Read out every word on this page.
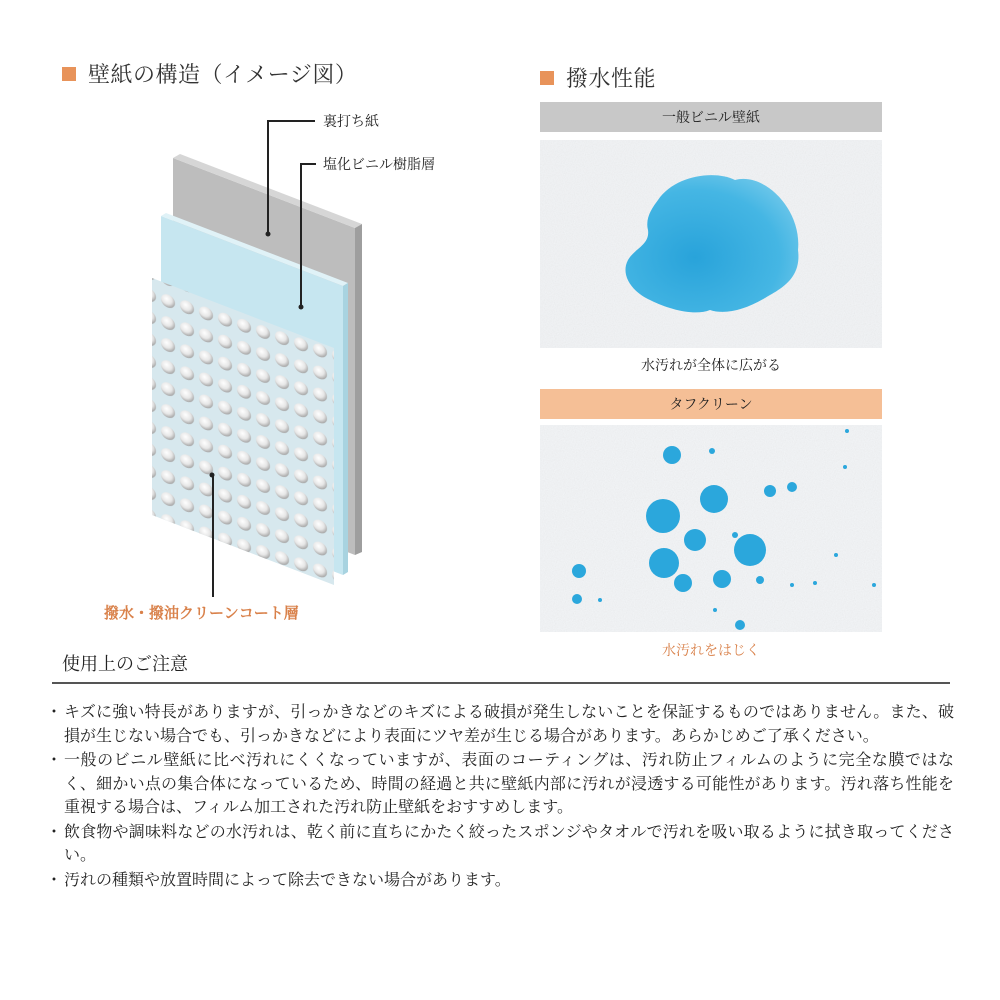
壁紙の構造（イメージ図）
裏打ち紙
塩化ビニル樹脂層
撥水・撥油クリーンコート層
撥水性能
一般ビニル壁紙
水汚れが全体に広がる
タフクリーン
水汚れをはじく
使用上のご注意
・ キズに強い特長がありますが、引っかきなどのキズによる破損が発生しないことを保証するものではありません。また、破損が生じない場合でも、引っかきなどにより表面にツヤ差が生じる場合があります。あらかじめご了承ください。
・ 一般のビニル壁紙に比べ汚れにくくなっていますが、表面のコーティングは、汚れ防止フィルムのように完全な膜ではなく、細かい点の集合体になっているため、時間の経過と共に壁紙内部に汚れが浸透する可能性があります。汚れ落ち性能を重視する場合は、フィルム加工された汚れ防止壁紙をおすすめします。
・ 飲食物や調味料などの水汚れは、乾く前に直ちにかたく絞ったスポンジやタオルで汚れを吸い取るように拭き取ってください。
・ 汚れの種類や放置時間によって除去できない場合があります。
